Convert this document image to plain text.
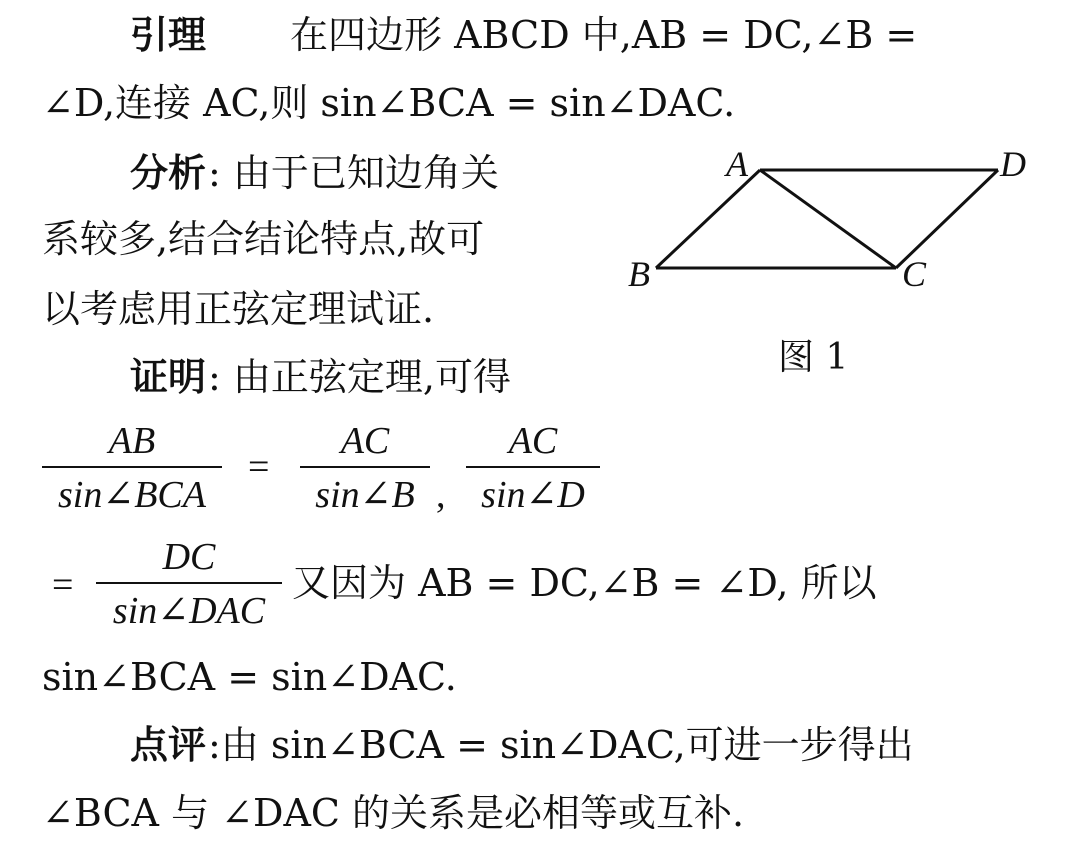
引理 在四边形 ABCD 中,AB = DC,∠B =
∠D,连接 AC,则 sin∠BCA = sin∠DAC.
分析 : 由于已知边角关
系较多,结合结论特点,故可
以考虑用正弦定理试证.
A	D
B	C
图 1
证明 : 由正弦定理,可得
AB
sin∠BCA
=
AC
sin∠B ,
AC
sin∠D
=
DC
sin∠DAC
又因为 AB = DC,∠B = ∠D, 所以
sin∠BCA = sin∠DAC.
点评 :由 sin∠BCA = sin∠DAC,可进一步得出
∠BCA 与 ∠DAC 的关系是必相等或互补.
